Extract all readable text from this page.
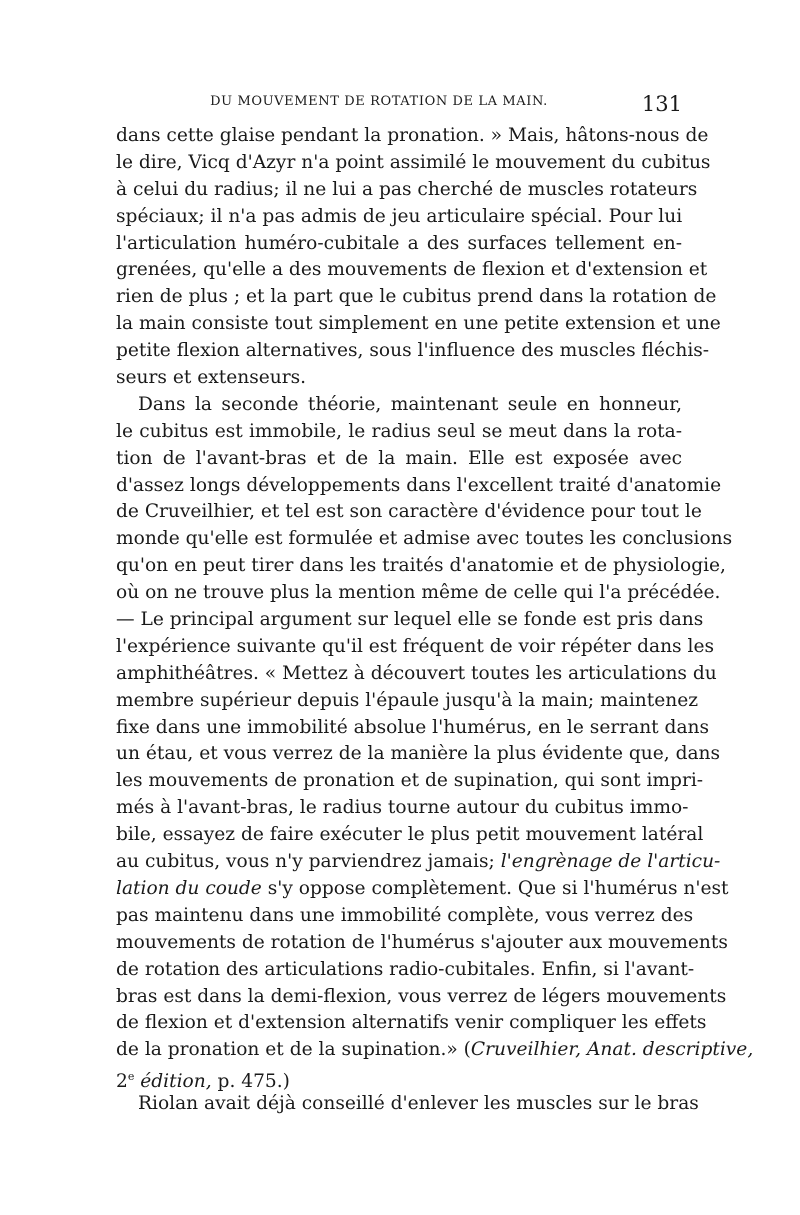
DU MOUVEMENT DE ROTATION DE LA MAIN.	131
dans cette glaise pendant la pronation. » Mais, hâtons-nous de
le dire, Vicq d'Azyr n'a point assimilé le mouvement du cubitus
à celui du radius; il ne lui a pas cherché de muscles rotateurs
spéciaux; il n'a pas admis de jeu articulaire spécial. Pour lui
l'articulation huméro-cubitale a des surfaces tellement en-
grenées, qu'elle a des mouvements de flexion et d'extension et
rien de plus ; et la part que le cubitus prend dans la rotation de
la main consiste tout simplement en une petite extension et une
petite flexion alternatives, sous l'influence des muscles fléchis-
seurs et extenseurs.
Dans la seconde théorie, maintenant seule en honneur,
le cubitus est immobile, le radius seul se meut dans la rota-
tion de l'avant-bras et de la main. Elle est exposée avec
d'assez longs développements dans l'excellent traité d'anatomie
de Cruveilhier, et tel est son caractère d'évidence pour tout le
monde qu'elle est formulée et admise avec toutes les conclusions
qu'on en peut tirer dans les traités d'anatomie et de physiologie,
où on ne trouve plus la mention même de celle qui l'a précédée.
— Le principal argument sur lequel elle se fonde est pris dans
l'expérience suivante qu'il est fréquent de voir répéter dans les
amphithéâtres. « Mettez à découvert toutes les articulations du
membre supérieur depuis l'épaule jusqu'à la main; maintenez
fixe dans une immobilité absolue l'humérus, en le serrant dans
un étau, et vous verrez de la manière la plus évidente que, dans
les mouvements de pronation et de supination, qui sont impri-
més à l'avant-bras, le radius tourne autour du cubitus immo-
bile, essayez de faire exécuter le plus petit mouvement latéral
au cubitus, vous n'y parviendrez jamais; l'engrènage de l'articu-
lation du coude s'y oppose complètement. Que si l'humérus n'est
pas maintenu dans une immobilité complète, vous verrez des
mouvements de rotation de l'humérus s'ajouter aux mouvements
de rotation des articulations radio-cubitales. Enfin, si l'avant-
bras est dans la demi-flexion, vous verrez de légers mouvements
de flexion et d'extension alternatifs venir compliquer les effets
de la pronation et de la supination.» (Cruveilhier, Anat. descriptive,
2e édition, p. 475.)
Riolan avait déjà conseillé d'enlever les muscles sur le bras
